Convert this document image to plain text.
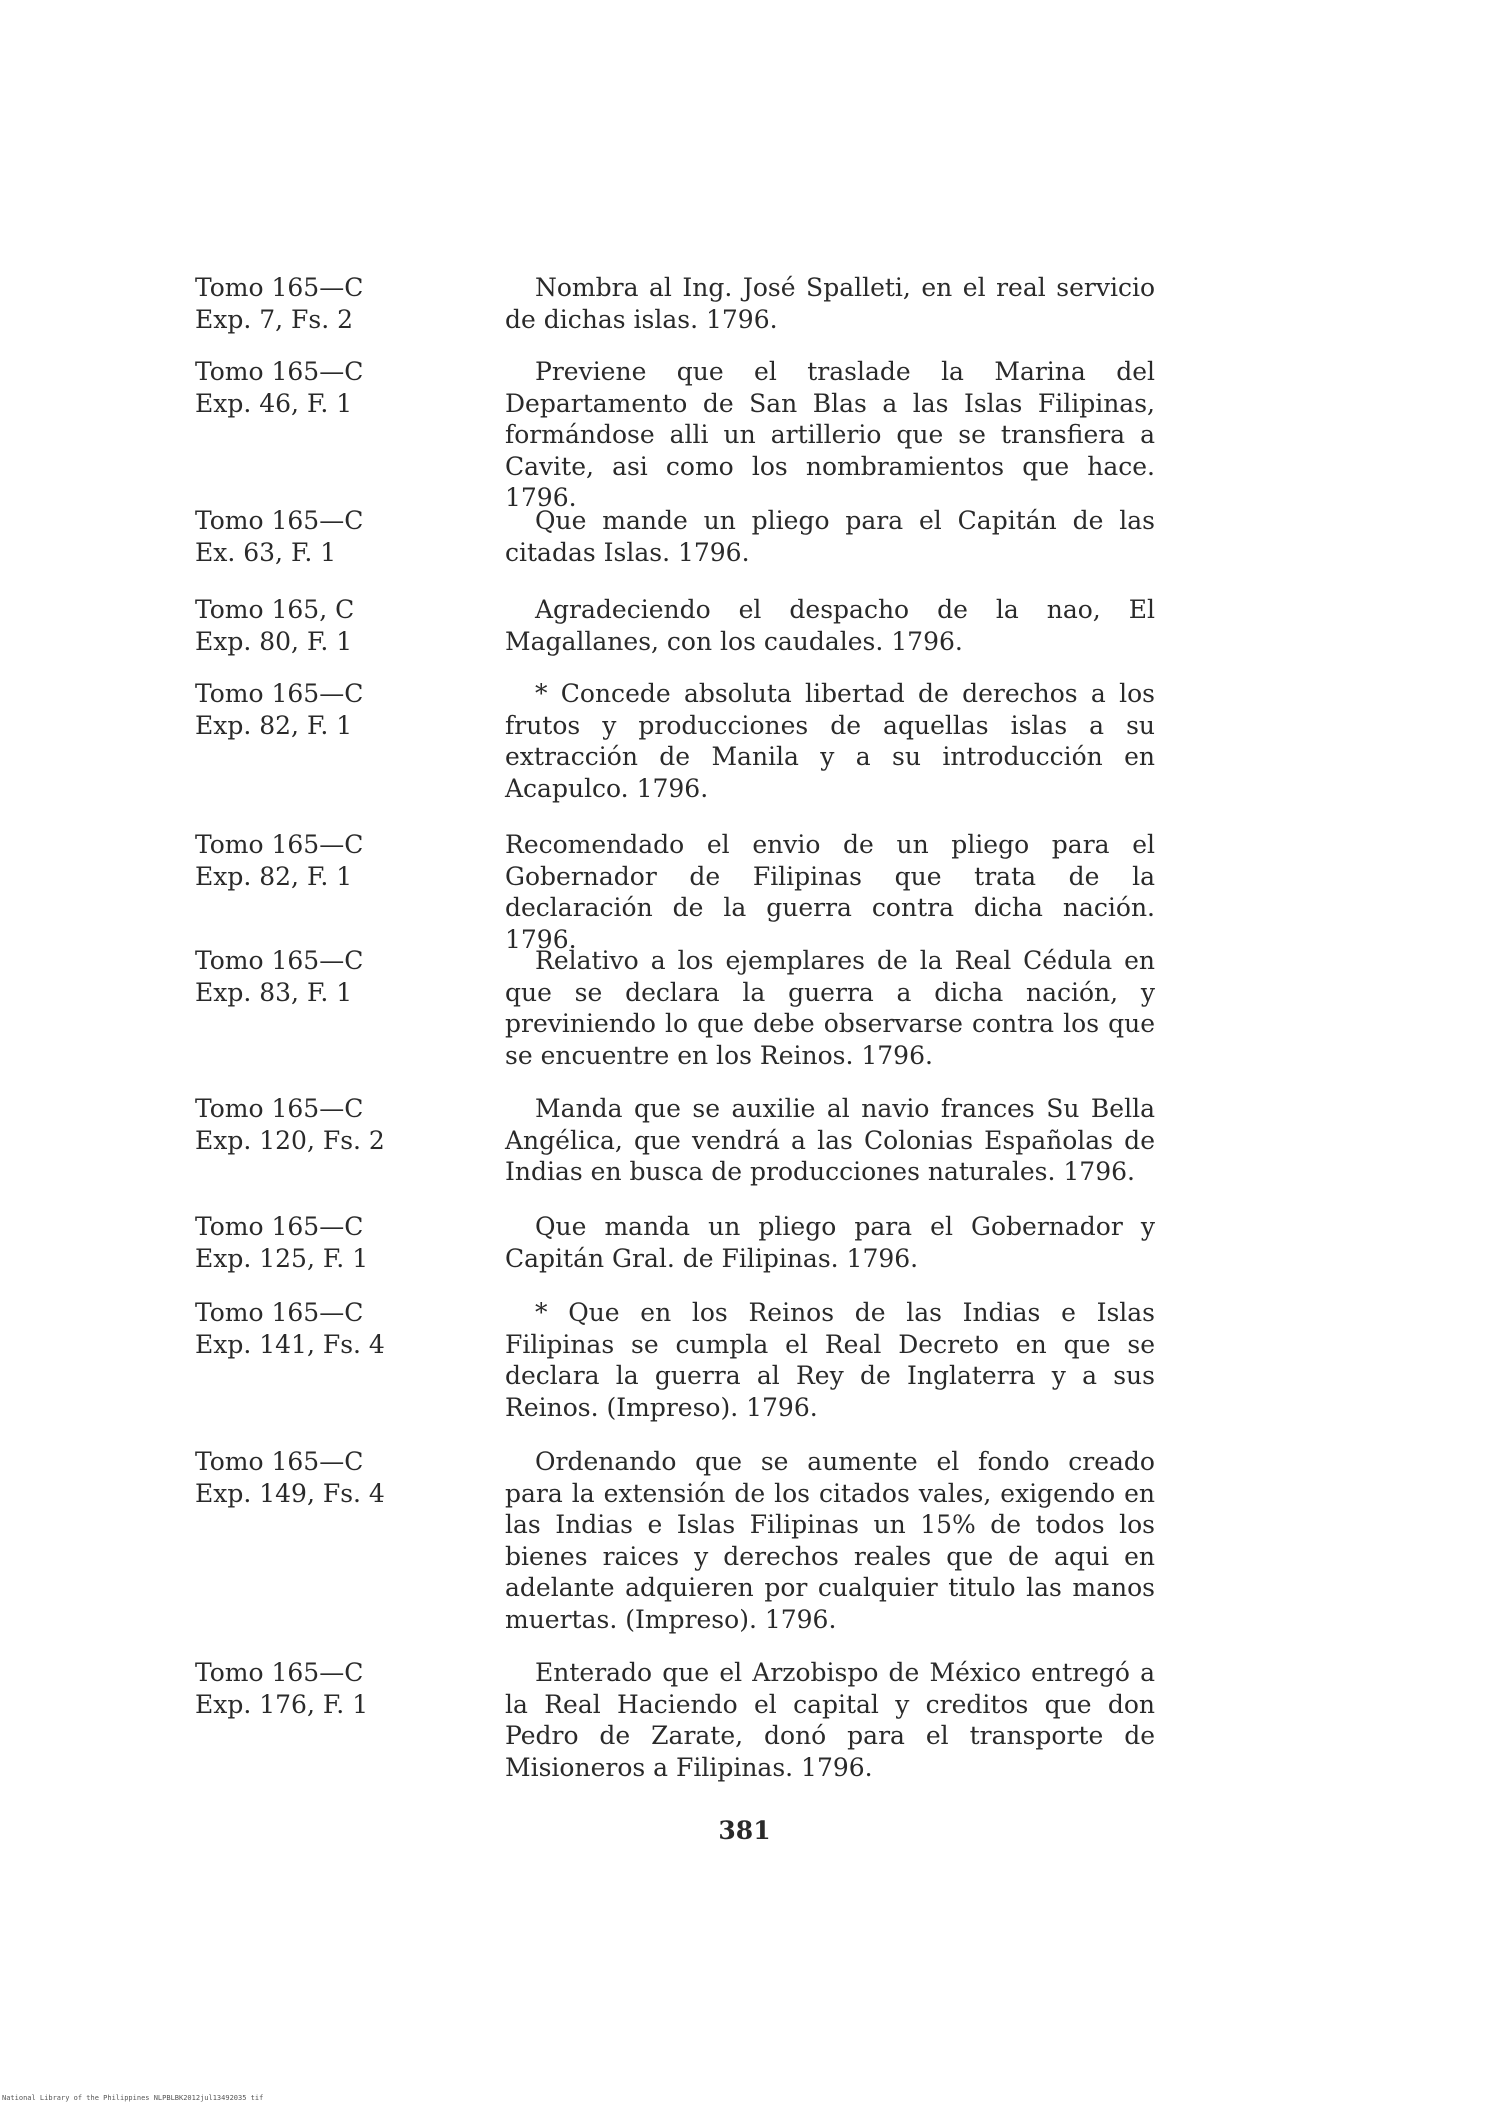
Tomo 165—C
Exp. 7, Fs. 2
Nombra al Ing. José Spalleti, en el real servicio de dichas islas. 1796.
Tomo 165—C
Exp. 46, F. 1
Previene que el traslade la Marina del Departamento de San Blas a las Islas Filipinas, formándose alli un artillerio que se transfiera a Cavite, asi como los nombramientos que hace. 1796.
Tomo 165—C
Ex. 63, F. 1
Que mande un pliego para el Capitán de las citadas Islas. 1796.
Tomo 165, C
Exp. 80, F. 1
Agradeciendo el despacho de la nao, El Magallanes, con los caudales. 1796.
Tomo 165—C
Exp. 82, F. 1
* Concede absoluta libertad de derechos a los frutos y producciones de aquellas islas a su extracción de Manila y a su introducción en Acapulco. 1796.
Tomo 165—C
Exp. 82, F. 1
Recomendado el envio de un pliego para el Gobernador de Filipinas que trata de la declaración de la guerra contra dicha nación. 1796.
Tomo 165—C
Exp. 83, F. 1
Relativo a los ejemplares de la Real Cédula en que se declara la guerra a dicha nación, y previniendo lo que debe observarse contra los que se encuentre en los Reinos. 1796.
Tomo 165—C
Exp. 120, Fs. 2
Manda que se auxilie al navio frances Su Bella Angélica, que vendrá a las Colonias Españolas de Indias en busca de producciones naturales. 1796.
Tomo 165—C
Exp. 125, F. 1
Que manda un pliego para el Gobernador y Capitán Gral. de Filipinas. 1796.
Tomo 165—C
Exp. 141, Fs. 4
* Que en los Reinos de las Indias e Islas Filipinas se cumpla el Real Decreto en que se declara la guerra al Rey de Inglaterra y a sus Reinos. (Impreso). 1796.
Tomo 165—C
Exp. 149, Fs. 4
Ordenando que se aumente el fondo creado para la extensión de los citados vales, exigendo en las Indias e Islas Filipinas un 15% de todos los bienes raices y derechos reales que de aqui en adelante adquieren por cualquier titulo las manos muertas. (Impreso). 1796.
Tomo 165—C
Exp. 176, F. 1
Enterado que el Arzobispo de México entregó a la Real Haciendo el capital y creditos que don Pedro de Zarate, donó para el transporte de Misioneros a Filipinas. 1796.
381
National Library of the Philippines NLPBLBK2012jul13492035 tif
